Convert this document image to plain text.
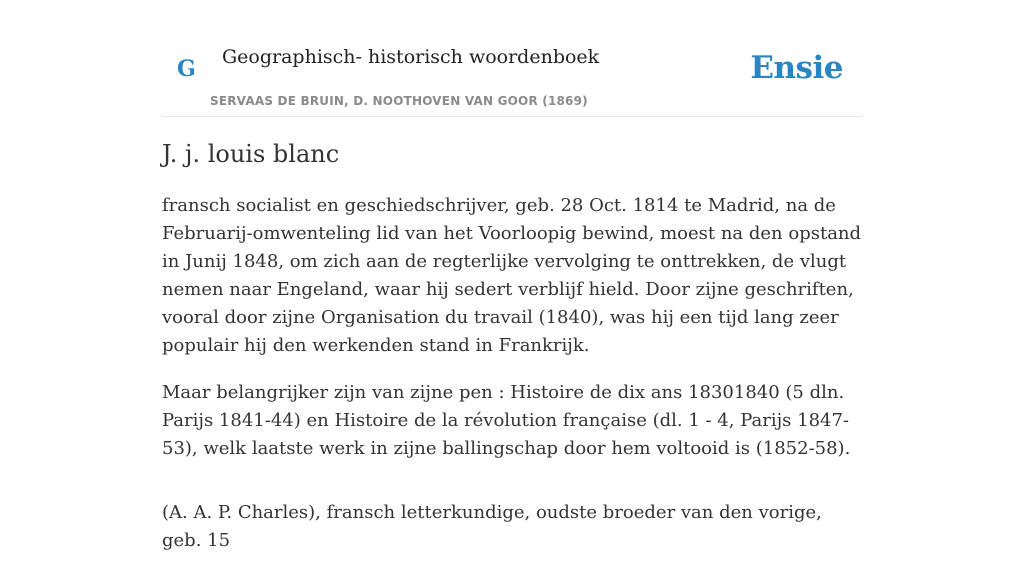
G Geographisch- historisch woordenboek
SERVAAS DE BRUIN, D. NOOTHOVEN VAN GOOR (1869)
Ensie
J. j. louis blanc

fransch socialist en geschiedschrijver, geb. 28 Oct. 1814 te Madrid, na de Februarij-omwenteling lid van het Voorloopig bewind, moest na den opstand in Junij 1848, om zich aan de regterlijke vervolging te onttrekken, de vlugt nemen naar Engeland, waar hij sedert verblijf hield. Door zijne geschriften, vooral door zijne Organisation du travail (1840), was hij een tijd lang zeer populair hij den werkenden stand in Frankrijk.

Maar belangrijker zijn van zijne pen : Histoire de dix ans 18301840 (5 dln. Parijs 1841-44) en Histoire de la révolution française (dl. 1 - 4, Parijs 1847-53), welk laatste werk in zijne ballingschap door hem voltooid is (1852-58).

(A. A. P. Charles), fransch letterkundige, oudste broeder van den vorige, geb. 15
